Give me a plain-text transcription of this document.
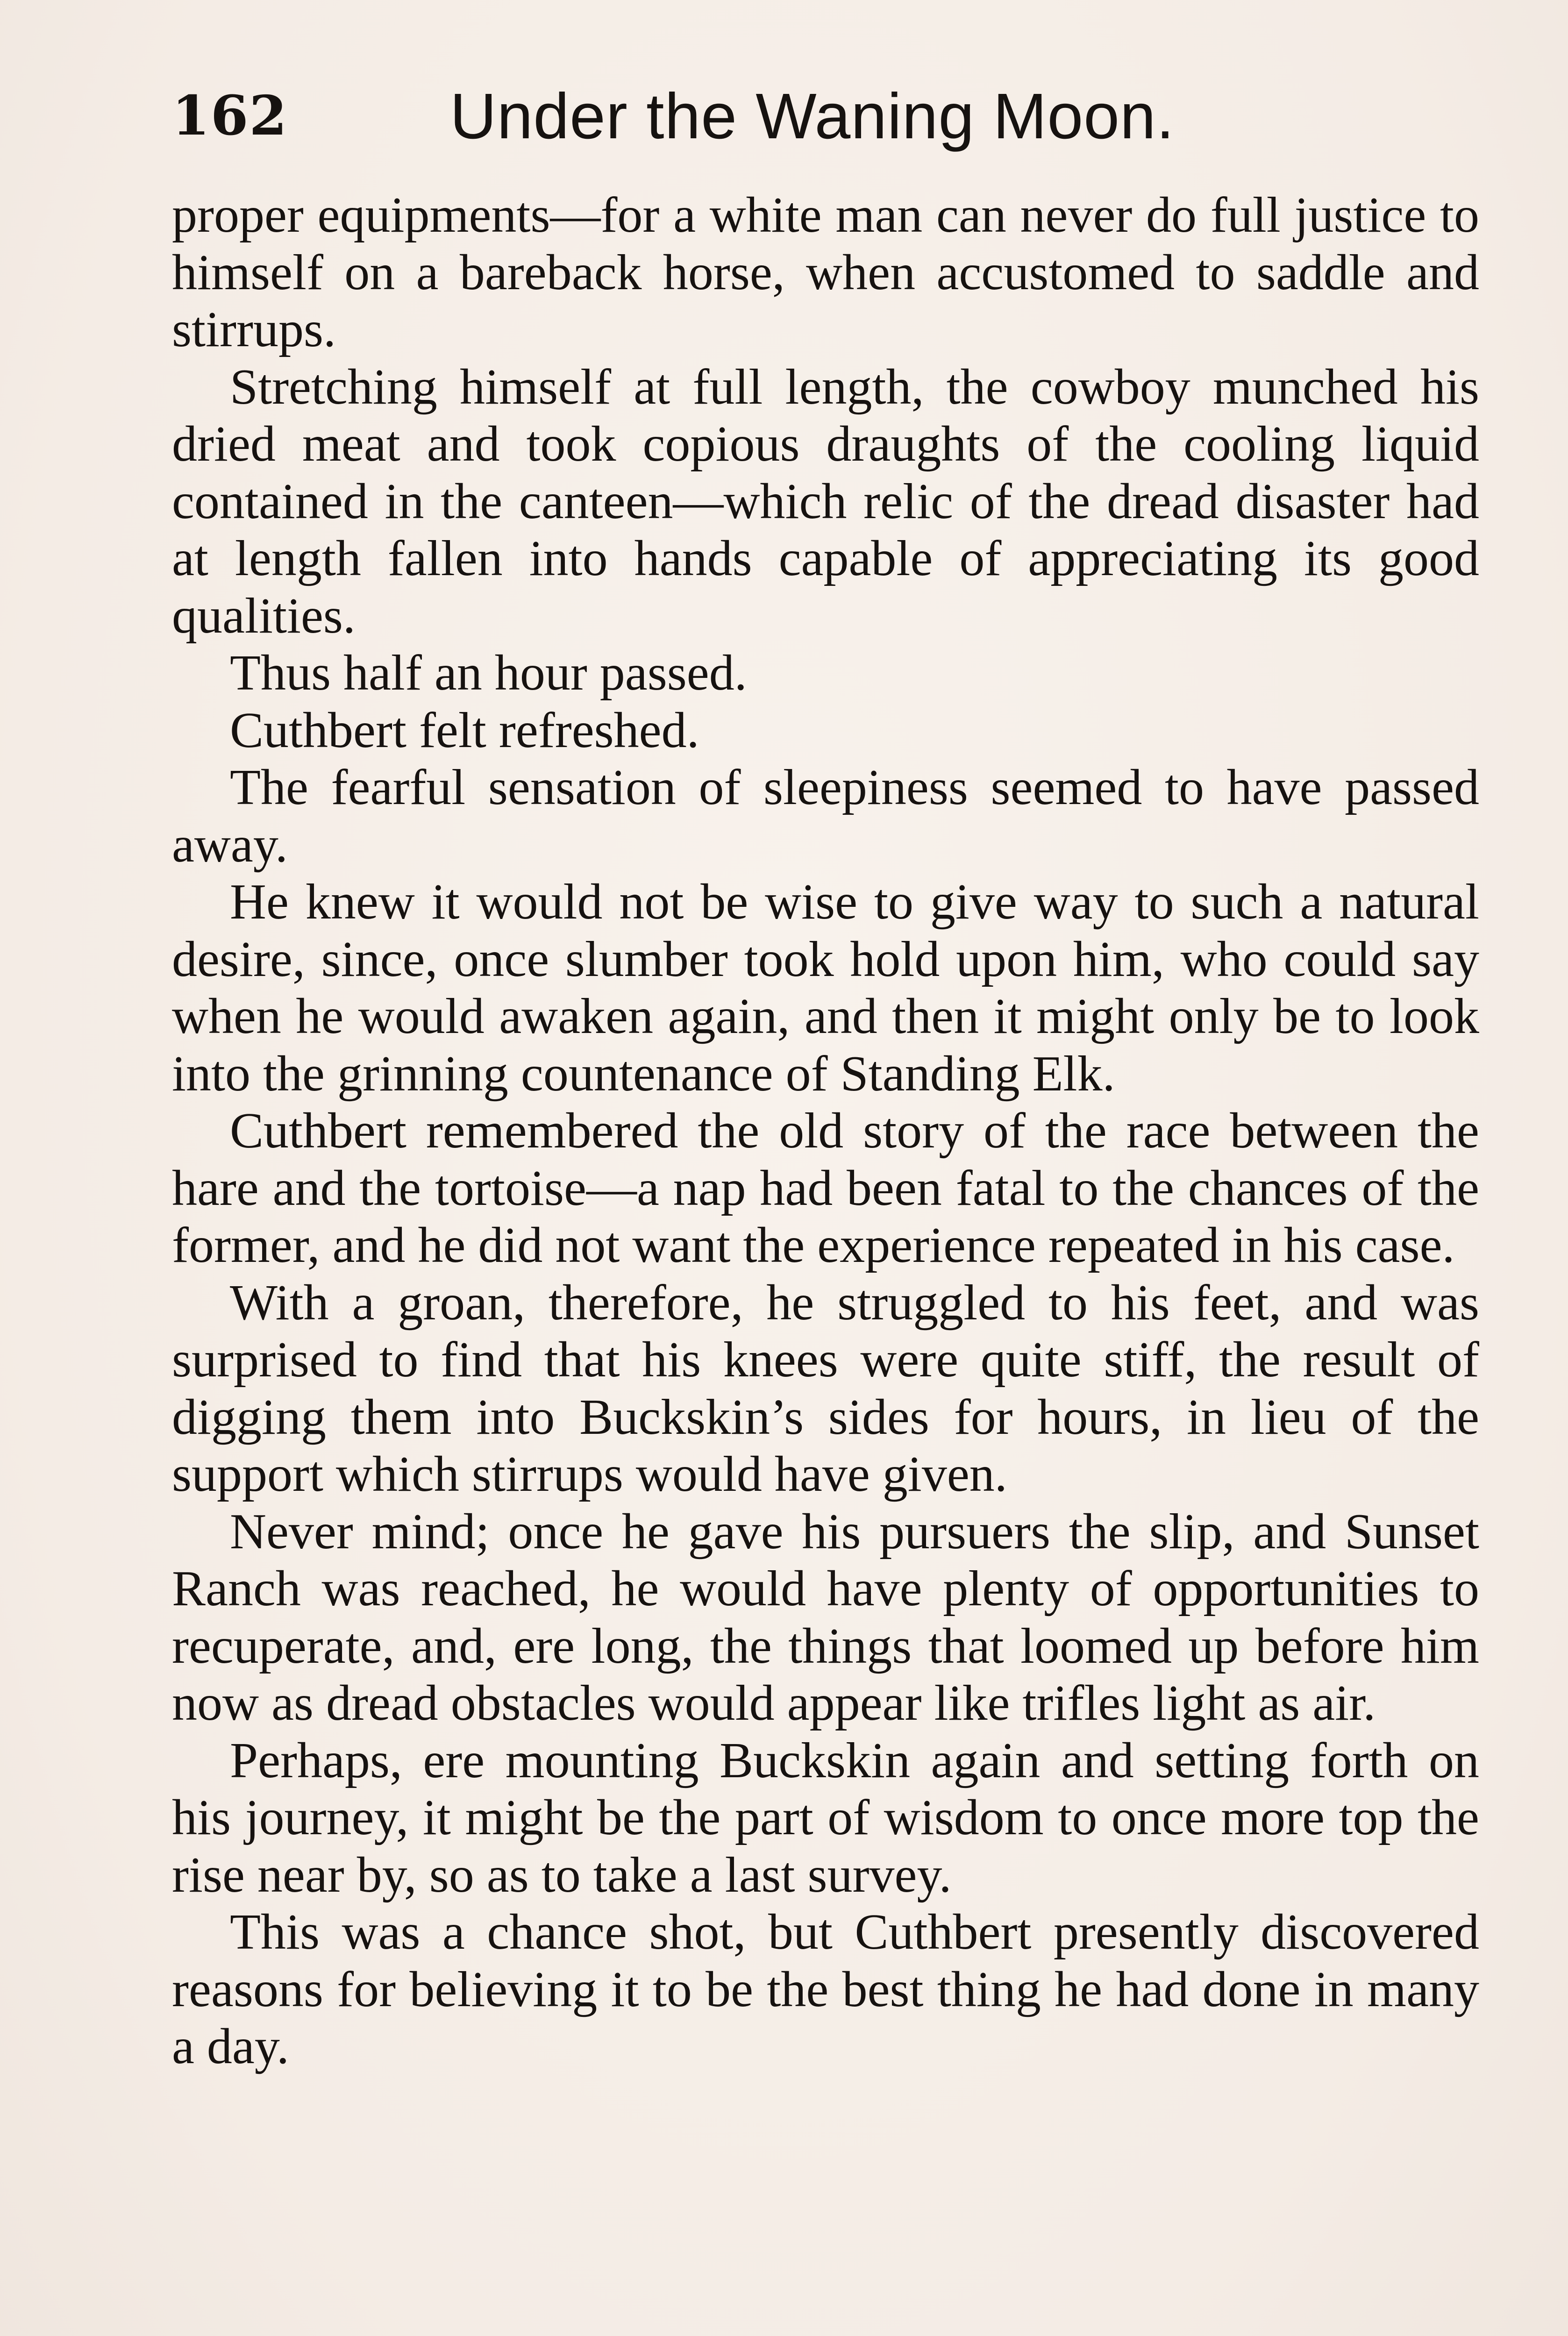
162	Under the Waning Moon.

proper equipments—for a white man can never do full justice to himself on a bareback horse, when accustomed to saddle and stirrups.

Stretching himself at full length, the cowboy munched his dried meat and took copious draughts of the cooling liquid contained in the canteen—which relic of the dread disaster had at length fallen into hands capable of appreciating its good qualities.

Thus half an hour passed.

Cuthbert felt refreshed.

The fearful sensation of sleepiness seemed to have passed away.

He knew it would not be wise to give way to such a natural desire, since, once slumber took hold upon him, who could say when he would awaken again, and then it might only be to look into the grinning countenance of Standing Elk.

Cuthbert remembered the old story of the race between the hare and the tortoise—a nap had been fatal to the chances of the former, and he did not want the experience repeated in his case.

With a groan, therefore, he struggled to his feet, and was surprised to find that his knees were quite stiff, the result of digging them into Buckskin’s sides for hours, in lieu of the support which stirrups would have given.

Never mind; once he gave his pursuers the slip, and Sunset Ranch was reached, he would have plenty of opportunities to recuperate, and, ere long, the things that loomed up before him now as dread obstacles would appear like trifles light as air.

Perhaps, ere mounting Buckskin again and setting forth on his journey, it might be the part of wisdom to once more top the rise near by, so as to take a last survey.

This was a chance shot, but Cuthbert presently discovered reasons for believing it to be the best thing he had done in many a day.
